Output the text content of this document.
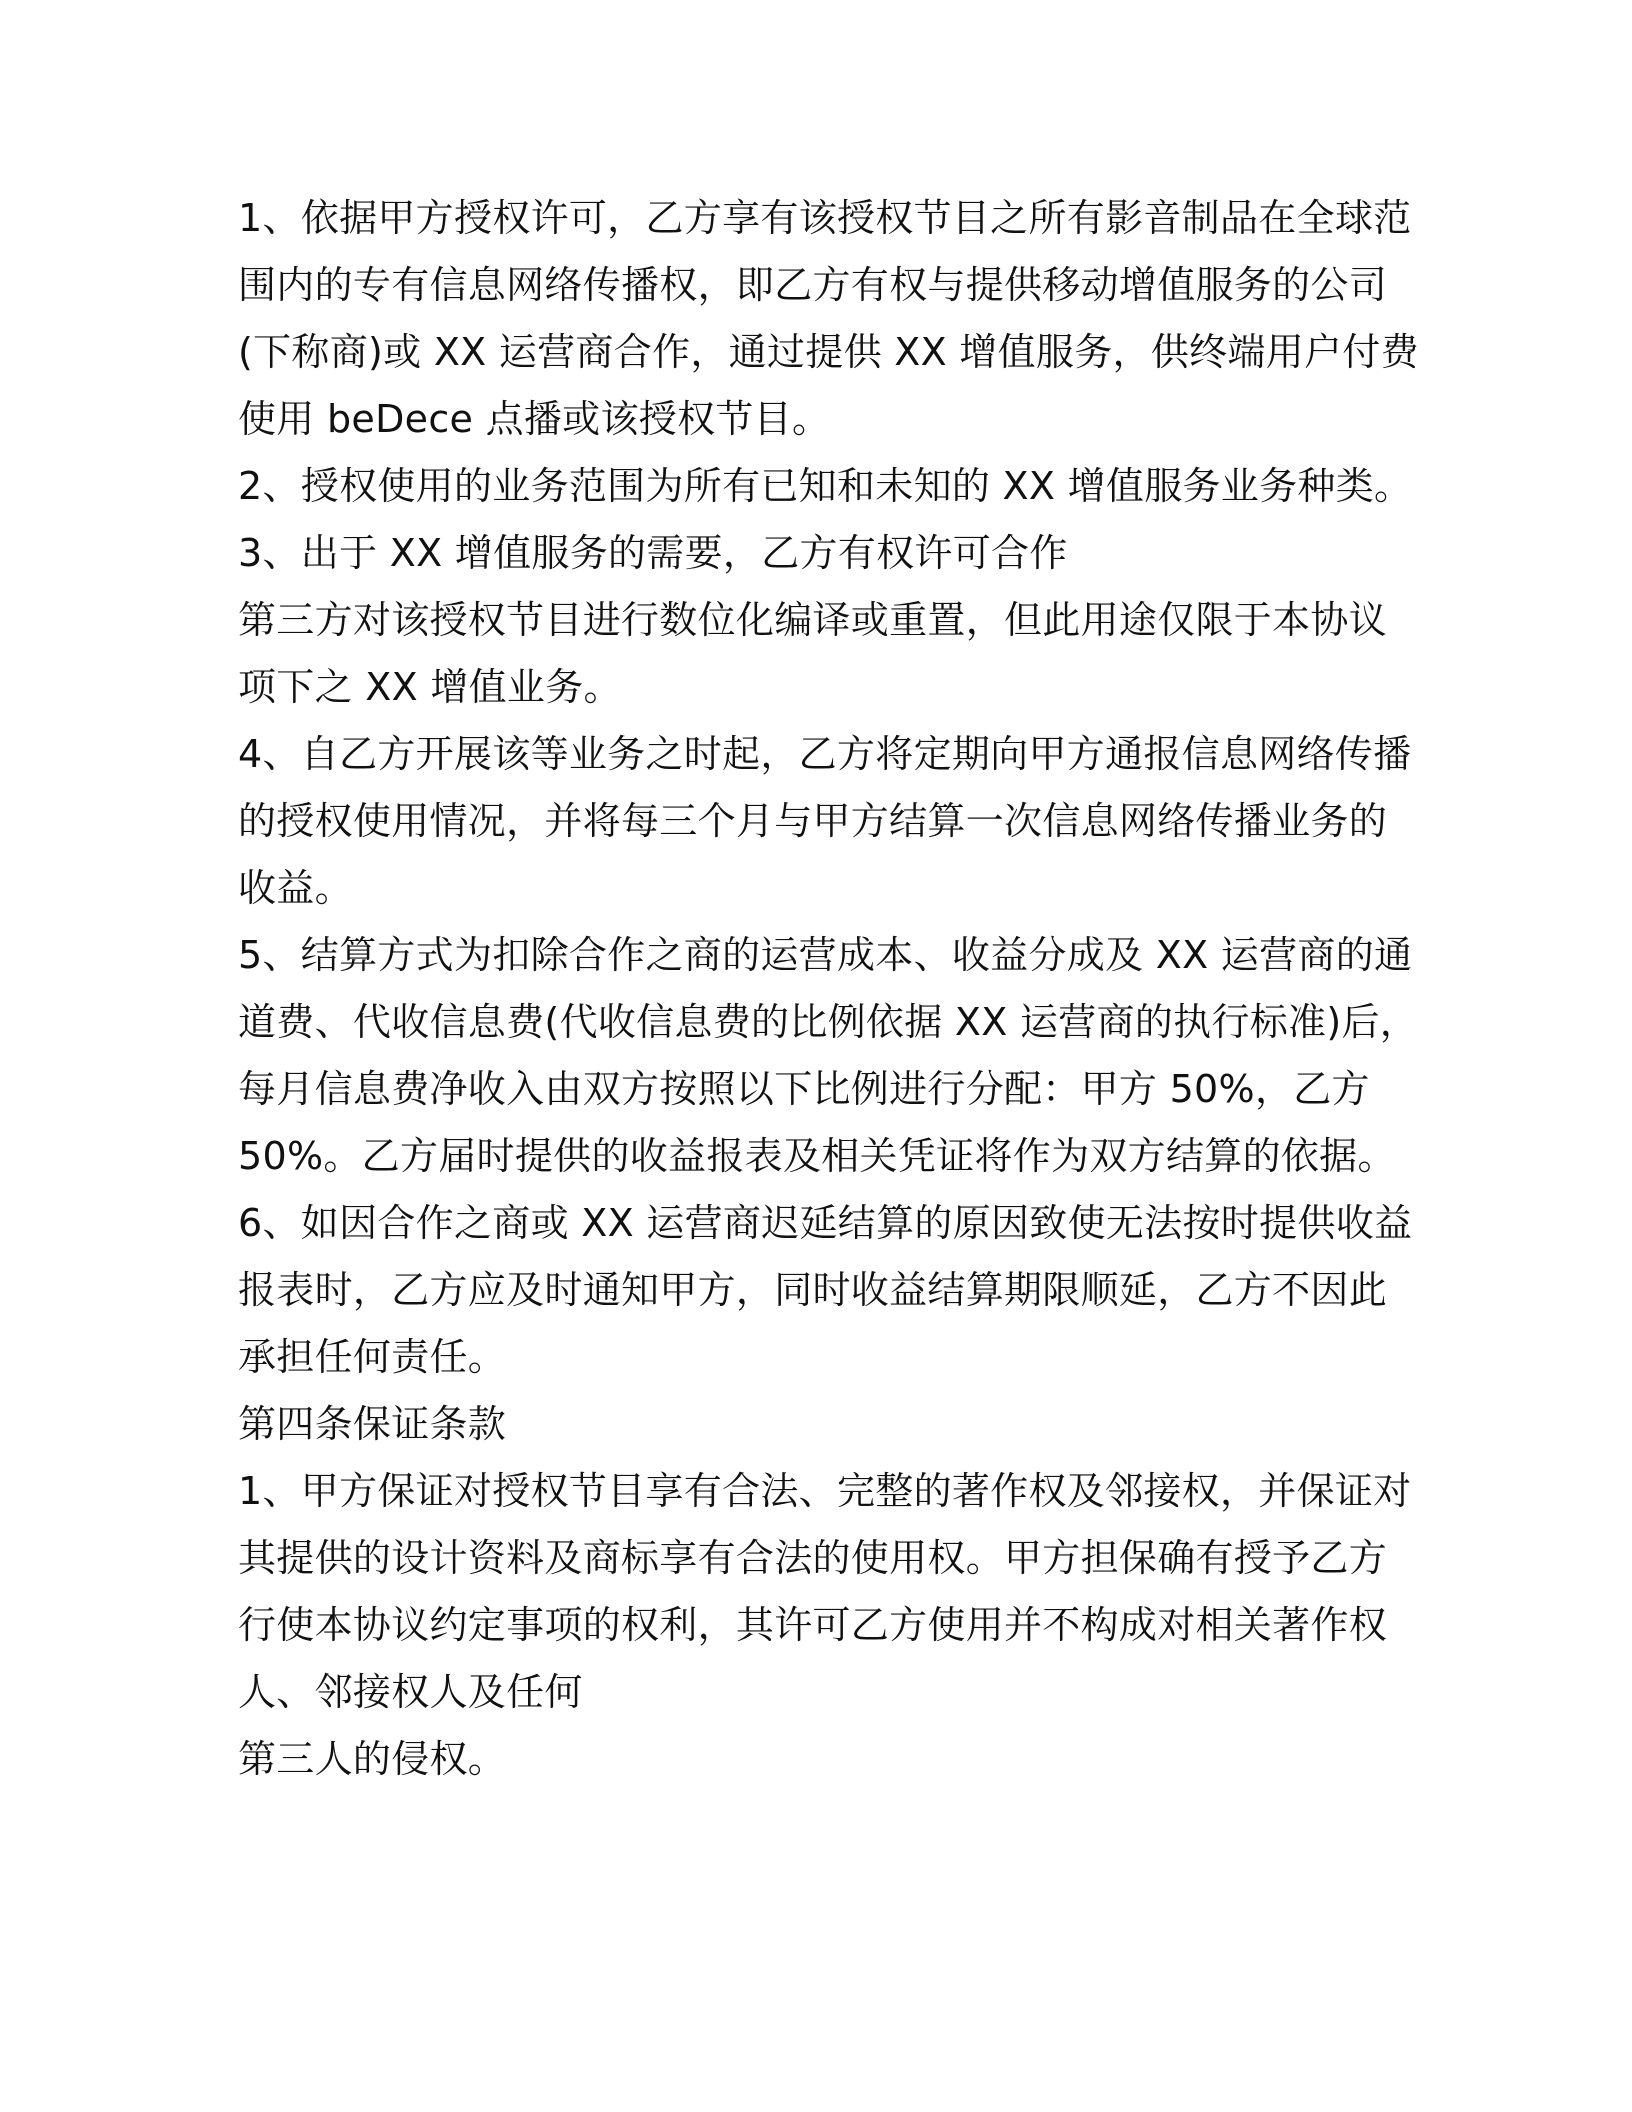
1、依据甲方授权许可，乙方享有该授权节目之所有影音制品在全球范
围内的专有信息网络传播权，即乙方有权与提供移动增值服务的公司
(下称商)或 XX 运营商合作，通过提供 XX 增值服务，供终端用户付费
使用 beDece 点播或该授权节目。
2、授权使用的业务范围为所有已知和未知的 XX 增值服务业务种类。
3、出于 XX 增值服务的需要，乙方有权许可合作
第三方对该授权节目进行数位化编译或重置，但此用途仅限于本协议
项下之 XX 增值业务。
4、自乙方开展该等业务之时起，乙方将定期向甲方通报信息网络传播
的授权使用情况，并将每三个月与甲方结算一次信息网络传播业务的
收益。
5、结算方式为扣除合作之商的运营成本、收益分成及 XX 运营商的通
道费、代收信息费(代收信息费的比例依据 XX 运营商的执行标准)后，
每月信息费净收入由双方按照以下比例进行分配：甲方 50%，乙方
50%。乙方届时提供的收益报表及相关凭证将作为双方结算的依据。
6、如因合作之商或 XX 运营商迟延结算的原因致使无法按时提供收益
报表时，乙方应及时通知甲方，同时收益结算期限顺延，乙方不因此
承担任何责任。
第四条保证条款
1、甲方保证对授权节目享有合法、完整的著作权及邻接权，并保证对
其提供的设计资料及商标享有合法的使用权。甲方担保确有授予乙方
行使本协议约定事项的权利，其许可乙方使用并不构成对相关著作权
人、邻接权人及任何
第三人的侵权。
